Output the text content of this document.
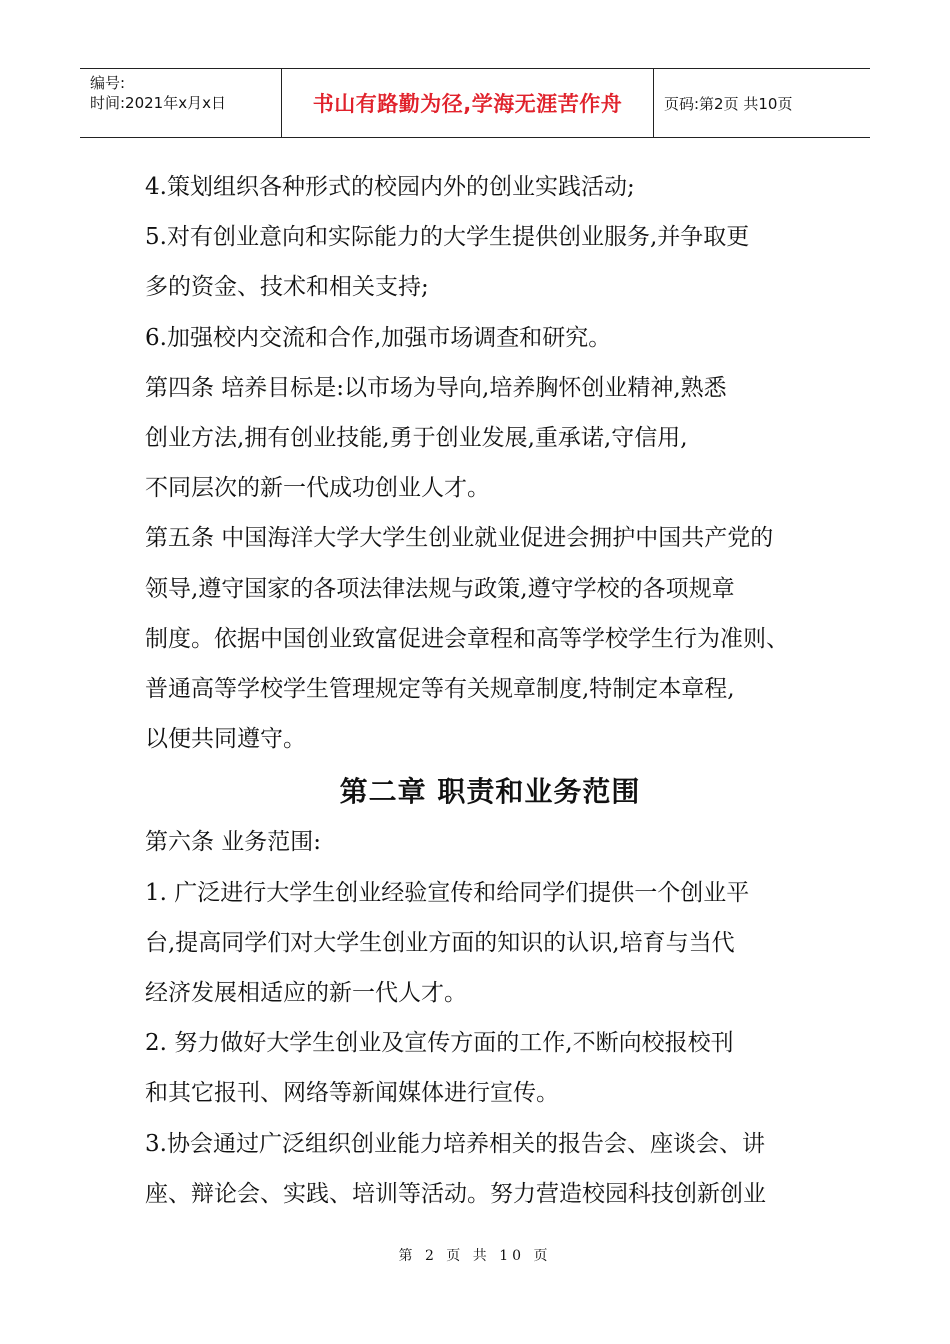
编号:
时间:2021年x月x日	书山有路勤为径,学海无涯苦作舟	页码:第2页 共10页

4.策划组织各种形式的校园内外的创业实践活动;

5.对有创业意向和实际能力的大学生提供创业服务,并争取更

多的资金、技术和相关支持;

6.加强校内交流和合作,加强市场调查和研究。

第四条 培养目标是:以市场为导向,培养胸怀创业精神,熟悉

创业方法,拥有创业技能,勇于创业发展,重承诺,守信用,

不同层次的新一代成功创业人才。

第五条 中国海洋大学大学生创业就业促进会拥护中国共产党的

领导,遵守国家的各项法律法规与政策,遵守学校的各项规章

制度。依据中国创业致富促进会章程和高等学校学生行为准则、

普通高等学校学生管理规定等有关规章制度,特制定本章程,

以便共同遵守。

第二章 职责和业务范围

第六条 业务范围:

1. 广泛进行大学生创业经验宣传和给同学们提供一个创业平

台,提高同学们对大学生创业方面的知识的认识,培育与当代

经济发展相适应的新一代人才。

2. 努力做好大学生创业及宣传方面的工作,不断向校报校刊

和其它报刊、网络等新闻媒体进行宣传。

3.协会通过广泛组织创业能力培养相关的报告会、座谈会、讲

座、辩论会、实践、培训等活动。努力营造校园科技创新创业

第 2 页 共 10 页
